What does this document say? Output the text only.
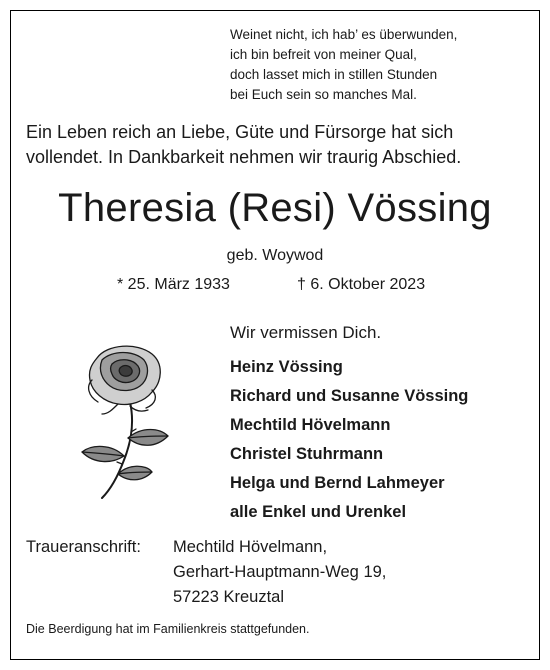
Weinet nicht, ich hab’ es überwunden,
ich bin befreit von meiner Qual,
doch lasset mich in stillen Stunden
bei Euch sein so manches Mal.
Ein Leben reich an Liebe, Güte und Fürsorge hat sich
vollendet. In Dankbarkeit nehmen wir traurig Abschied.
Theresia (Resi) Vössing
geb. Woywod
* 25. März 1933	† 6. Oktober 2023
Wir vermissen Dich.
Heinz Vössing
Richard und Susanne Vössing
Mechtild Hövelmann
Christel Stuhrmann
Helga und Bernd Lahmeyer
alle Enkel und Urenkel
Traueranschrift: Mechtild Hövelmann,
Gerhart-Hauptmann-Weg 19,
57223 Kreuztal
Die Beerdigung hat im Familienkreis stattgefunden.
